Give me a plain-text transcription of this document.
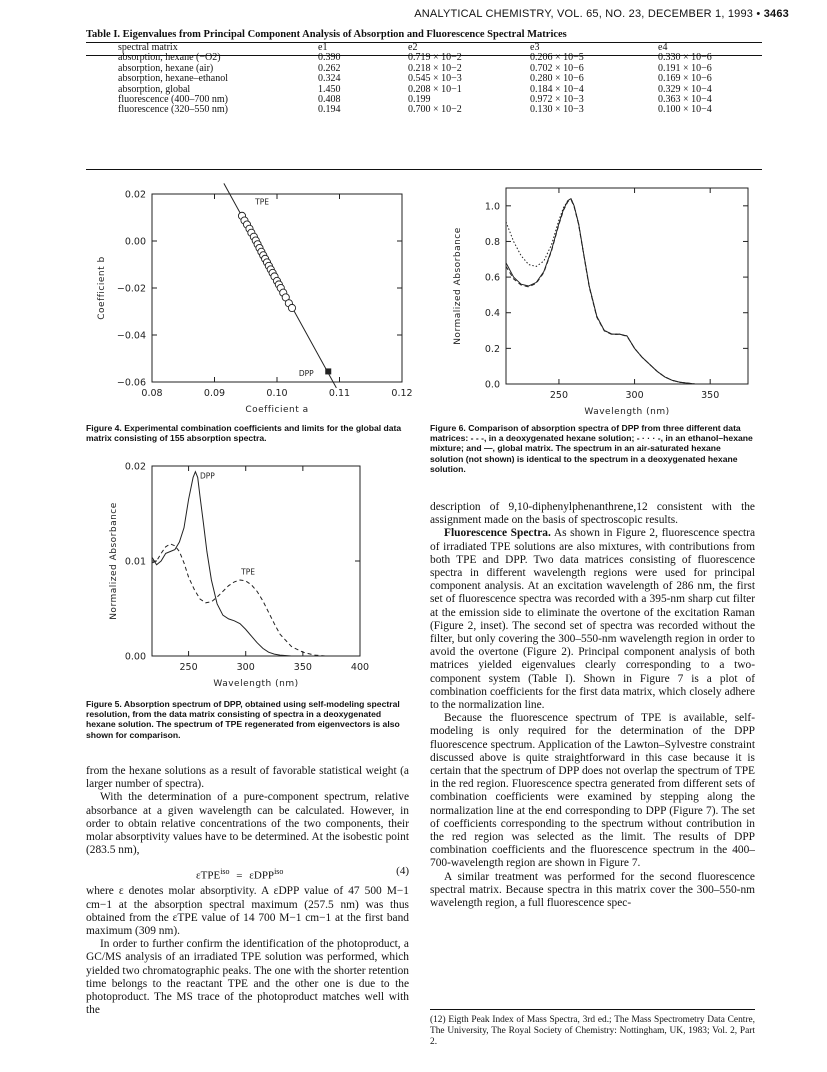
ANALYTICAL CHEMISTRY, VOL. 65, NO. 23, DECEMBER 1, 1993 • 3463
Table I. Eigenvalues from Principal Component Analysis of Absorption and Fluorescence Spectral Matrices
spectral matrix	e1	e2	e3	e4
absorption, hexane (−O2)	0.390	0.719 × 10−2	0.206 × 10−5	0.330 × 10−6
absorption, hexane (air)	0.262	0.218 × 10−2	0.702 × 10−6	0.191 × 10−6
absorption, hexane–ethanol	0.324	0.545 × 10−3	0.280 × 10−6	0.169 × 10−6
absorption, global	1.450	0.208 × 10−1	0.184 × 10−4	0.329 × 10−4
fluorescence (400–700 nm)	0.408	0.199	0.972 × 10−3	0.363 × 10−4
fluorescence (320–550 nm)	0.194	0.700 × 10−2	0.130 × 10−3	0.100 × 10−4
0.08	0.09	0.10	0.11	0.12
0.02
0.00
−0.02
−0.04
−0.06
Coefficient a
Coefficient b
TPE
DPP
Figure 4. Experimental combination coefficients and limits for the global data matrix consisting of 155 absorption spectra.
250	300	350
1.0
0.8
0.6
0.4
0.2
0.0
Wavelength (nm)
Normalized Absorbance
Figure 6. Comparison of absorption spectra of DPP from three different data matrices: - - -, in a deoxygenated hexane solution; - · · · -, in an ethanol–hexane mixture; and —, global matrix. The spectrum in an air-saturated hexane solution (not shown) is identical to the spectrum in a deoxygenated hexane solution.
250	300	350	400
0.02
0.01
0.00
Wavelength (nm)
Normalized Absorbance
DPP
TPE
Figure 5. Absorption spectrum of DPP, obtained using self-modeling spectral resolution, from the data matrix consisting of spectra in a deoxygenated hexane solution. The spectrum of TPE regenerated from eigenvectors is also shown for comparison.

from the hexane solutions as a result of favorable statistical weight (a larger number of spectra).

With the determination of a pure-component spectrum, relative absorbance at a given wavelength can be calculated. However, in order to obtain relative concentrations of the two components, their molar absorptivity values have to be determined. At the isobestic point (283.5 nm),

εTPE$^{iso}$ = εDPP$^{iso}$	(4)

where ε denotes molar absorptivity. A εDPP value of 47 500 M−1 cm−1 at the absorption spectral maximum (257.5 nm) was thus obtained from the εTPE value of 14 700 M−1 cm−1 at the first band maximum (309 nm).

In order to further confirm the identification of the photoproduct, a GC/MS analysis of an irradiated TPE solution was performed, which yielded two chromatographic peaks. The one with the shorter retention time belongs to the reactant TPE and the other one is due to the photoproduct. The MS trace of the photoproduct matches well with the

description of 9,10-diphenylphenanthrene,12 consistent with the assignment made on the basis of spectroscopic results.

Fluorescence Spectra. As shown in Figure 2, fluorescence spectra of irradiated TPE solutions are also mixtures, with contributions from both TPE and DPP. Two data matrices consisting of fluorescence spectra in different wavelength regions were used for principal component analysis. At an excitation wavelength of 286 nm, the first set of fluorescence spectra was recorded with a 395-nm sharp cut filter at the emission side to eliminate the overtone of the excitation Raman (Figure 2, inset). The second set of spectra was recorded without the filter, but only covering the 300–550-nm wavelength region in order to avoid the overtone (Figure 2). Principal component analysis of both matrices yielded eigenvalues clearly corresponding to a two-component system (Table I). Shown in Figure 7 is a plot of combination coefficients for the first data matrix, which closely adhere to the normalization line.

Because the fluorescence spectrum of TPE is available, self-modeling is only required for the determination of the DPP fluorescence spectrum. Application of the Lawton–Sylvestre constraint discussed above is quite straightforward in this case because it is certain that the spectrum of DPP does not overlap the spectrum of TPE in the red region. Fluorescence spectra generated from different sets of combination coefficients were examined by stepping along the normalization line at the end corresponding to DPP (Figure 7). The set of coefficients corresponding to the spectrum without contribution in the red region was selected as the limit. The results of DPP combination coefficients and the fluorescence spectrum in the 400–700-wavelength region are shown in Figure 7.

A similar treatment was performed for the second fluorescence spectral matrix. Because spectra in this matrix cover the 300–550-nm wavelength region, a full fluorescence spec-

(12) Eigth Peak Index of Mass Spectra, 3rd ed.; The Mass Spectrometry Data Centre, The University, The Royal Society of Chemistry: Nottingham, UK, 1983; Vol. 2, Part 2.
